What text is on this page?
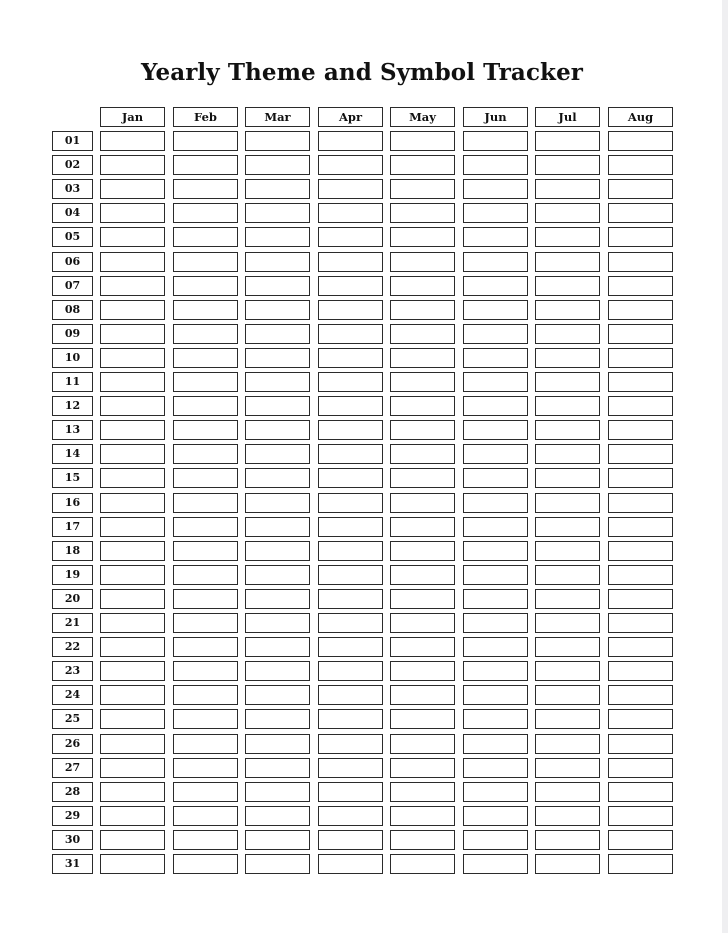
Yearly Theme and Symbol Tracker
Jan	Feb	Mar	Apr	May	Jun	Jul	Aug
01
02
03
04
05
06
07
08
09
10
11
12
13
14
15
16
17
18
19
20
21
22
23
24
25
26
27
28
29
30
31
